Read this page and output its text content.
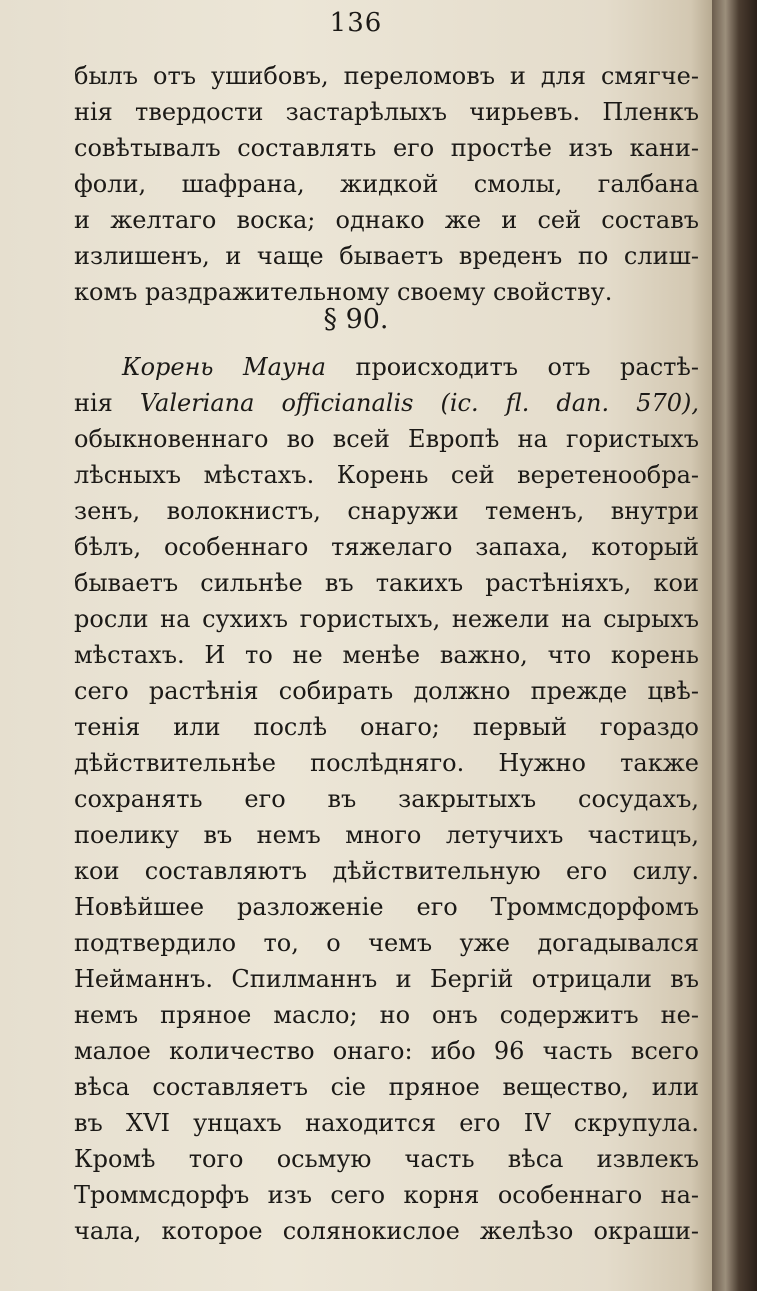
136
былъ отъ ушибовъ, переломовъ и для смягче-
нія твердости застарѣлыхъ чирьевъ. Пленкъ
совѣтывалъ составлять его простѣе изъ кани-
фоли, шафрана, жидкой смолы, галбана
и желтаго воска; однако же и сей составъ
излишенъ, и чаще бываетъ вреденъ по слиш-
комъ раздражительному своему свойству.
§ 90.
Корень Мауна происходитъ отъ растѣ-
нія Valeriana officianalis (ic. fl. dan. 570),
обыкновеннаго во всей Европѣ на гористыхъ
лѣсныхъ мѣстахъ. Корень сей веретенообра-
зенъ, волокнистъ, снаружи теменъ, внутри
бѣлъ, особеннаго тяжелаго запаха, который
бываетъ сильнѣе въ такихъ растѣніяхъ, кои
росли на сухихъ гористыхъ, нежели на сырыхъ
мѣстахъ. И то не менѣе важно, что корень
сего растѣнія собирать должно прежде цвѣ-
тенія или послѣ онаго; первый гораздо
дѣйствительнѣе послѣдняго. Нужно также
сохранять его въ закрытыхъ сосудахъ,
поелику въ немъ много летучихъ частицъ,
кои составляютъ дѣйствительную его силу.
Новѣйшее разложеніе его Троммсдорфомъ
подтвердило то, о чемъ уже догадывался
Нейманнъ. Спилманнъ и Бергій отрицали въ
немъ пряное масло; но онъ содержитъ не-
малое количество онаго: ибо 96 часть всего
вѣса составляетъ сіе пряное вещество, или
въ XVI унцахъ находится его IV скрупула.
Кромѣ того осьмую часть вѣса извлекъ
Троммсдорфъ изъ сего корня особеннаго на-
чала, которое солянокислое желѣзо окраши-
